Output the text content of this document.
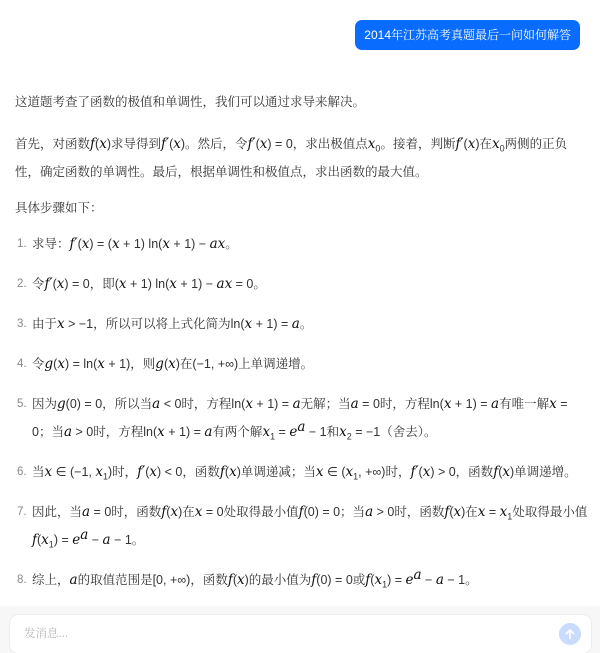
2014年江苏高考真题最后一问如何解答

这道题考查了函数的极值和单调性，我们可以通过求导来解决。

首先，对函数f(x)求导得到f′(x)。然后，令f′(x) = 0，求出极值点$x_0$。接着，判断f′(x)在$x_0$两侧的正负性，确定函数的单调性。最后，根据单调性和极值点，求出函数的最大值。

具体步骤如下：

1. 求导：f′(x) = (x + 1) ln(x + 1) − ax。
2. 令f′(x) = 0，即(x + 1) ln(x + 1) − ax = 0。
3. 由于x > −1，所以可以将上式化简为ln(x + 1) = a。
4. 令g(x) = ln(x + 1)，则g(x)在(−1, +∞)上单调递增。
5. 因为g(0) = 0，所以当a < 0时，方程ln(x + 1) = a无解；当a = 0时，方程ln(x + 1) = a有唯一解x = 0；当a > 0时，方程ln(x + 1) = a有两个解$x_1 = e^a - 1$和$x_2 = -1$（舍去）。
6. 当x ∈ (−1, $x_1$)时，f′(x) < 0，函数f(x)单调递减；当x ∈ ($x_1$, +∞)时，f′(x) > 0，函数f(x)单调递增。
7. 因此，当a = 0时，函数f(x)在x = 0处取得最小值f(0) = 0；当a > 0时，函数f(x)在$x = x_1$处取得最小值$f(x_1) = e^a - a - 1$。
8. 综上，a的取值范围是[0, +∞)，函数f(x)的最小值为f(0) = 0或$f(x_1) = e^a - a - 1$。
发消息...
